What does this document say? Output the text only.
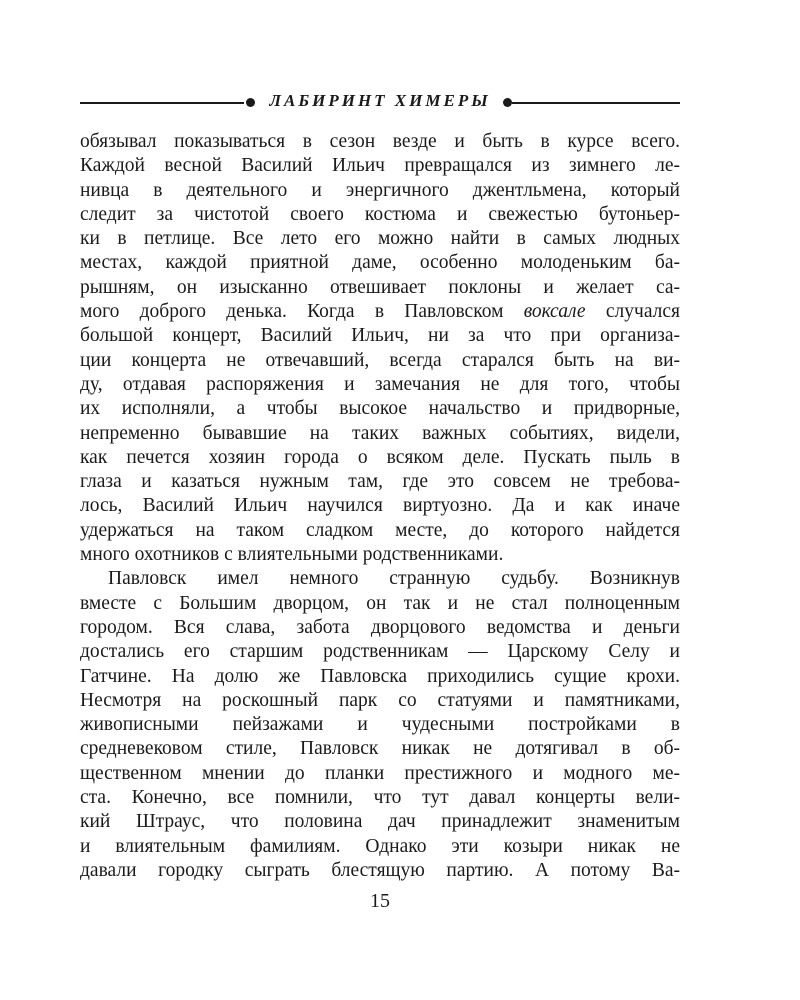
ЛАБИРИНТ ХИМЕРЫ
обязывал показываться в сезон везде и быть в курсе всего.
Каждой весной Василий Ильич превращался из зимнего ле-
нивца в деятельного и энергичного джентльмена, который
следит за чистотой своего костюма и свежестью бутоньер-
ки в петлице. Все лето его можно найти в самых людных
местах, каждой приятной даме, особенно молоденьким ба-
рышням, он изысканно отвешивает поклоны и желает са-
мого доброго денька. Когда в Павловском воксале случался
большой концерт, Василий Ильич, ни за что при организа-
ции концерта не отвечавший, всегда старался быть на ви-
ду, отдавая распоряжения и замечания не для того, чтобы
их исполняли, а чтобы высокое начальство и придворные,
непременно бывавшие на таких важных событиях, видели,
как печется хозяин города о всяком деле. Пускать пыль в
глаза и казаться нужным там, где это совсем не требова-
лось, Василий Ильич научился виртуозно. Да и как иначе
удержаться на таком сладком месте, до которого найдется
много охотников с влиятельными родственниками.
Павловск имел немного странную судьбу. Возникнув
вместе с Большим дворцом, он так и не стал полноценным
городом. Вся слава, забота дворцового ведомства и деньги
достались его старшим родственникам — Царскому Селу и
Гатчине. На долю же Павловска приходились сущие крохи.
Несмотря на роскошный парк со статуями и памятниками,
живописными пейзажами и чудесными постройками в
средневековом стиле, Павловск никак не дотягивал в об-
щественном мнении до планки престижного и модного ме-
ста. Конечно, все помнили, что тут давал концерты вели-
кий Штраус, что половина дач принадлежит знаменитым
и влиятельным фамилиям. Однако эти козыри никак не
давали городку сыграть блестящую партию. А потому Ва-
15
